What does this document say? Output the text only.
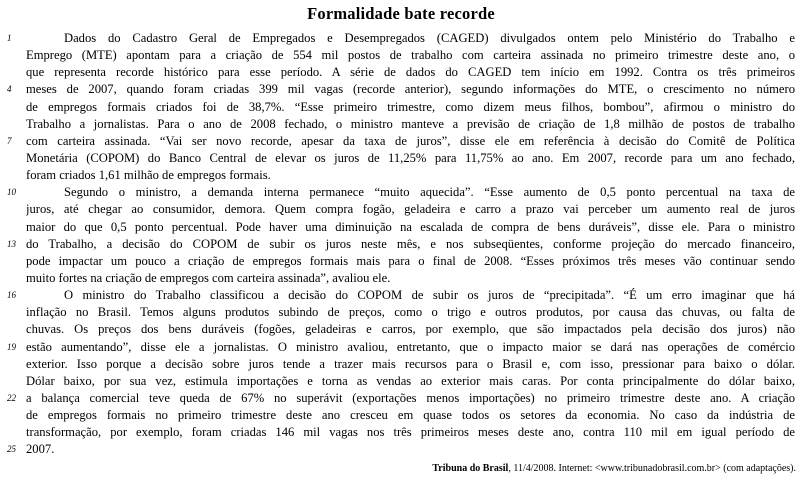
Formalidade bate recorde
1	Dados do Cadastro Geral de Empregados e Desempregados (CAGED) divulgados ontem pelo Ministério do Trabalho e
Emprego (MTE) apontam para a criação de 554 mil postos de trabalho com carteira assinada no primeiro trimestre deste ano, o
que representa recorde histórico para esse período. A série de dados do CAGED tem início em 1992. Contra os três primeiros
4	meses de 2007, quando foram criadas 399 mil vagas (recorde anterior), segundo informações do MTE, o crescimento no número
de empregos formais criados foi de 38,7%. “Esse primeiro trimestre, como dizem meus filhos, bombou”, afirmou o ministro do
Trabalho a jornalistas. Para o ano de 2008 fechado, o ministro manteve a previsão de criação de 1,8 milhão de postos de trabalho
7	com carteira assinada. “Vai ser novo recorde, apesar da taxa de juros”, disse ele em referência à decisão do Comitê de Política
Monetária (COPOM) do Banco Central de elevar os juros de 11,25% para 11,75% ao ano. Em 2007, recorde para um ano fechado,
foram criados 1,61 milhão de empregos formais.
10	Segundo o ministro, a demanda interna permanece “muito aquecida”. “Esse aumento de 0,5 ponto percentual na taxa de
juros, até chegar ao consumidor, demora. Quem compra fogão, geladeira e carro a prazo vai perceber um aumento real de juros
maior do que 0,5 ponto percentual. Pode haver uma diminuição na escalada de compra de bens duráveis”, disse ele. Para o ministro
13 do Trabalho, a decisão do COPOM de subir os juros neste mês, e nos subseqüentes, conforme projeção do mercado financeiro,
pode impactar um pouco a criação de empregos formais mais para o final de 2008. “Esses próximos três meses vão continuar sendo
muito fortes na criação de empregos com carteira assinada”, avaliou ele.
16	O ministro do Trabalho classificou a decisão do COPOM de subir os juros de “precipitada”. “É um erro imaginar que há
inflação no Brasil. Temos alguns produtos subindo de preços, como o trigo e outros produtos, por causa das chuvas, ou falta de
chuvas. Os preços dos bens duráveis (fogões, geladeiras e carros, por exemplo, que são impactados pela decisão dos juros) não
19 estão aumentando”, disse ele a jornalistas. O ministro avaliou, entretanto, que o impacto maior se dará nas operações de comércio
exterior. Isso porque a decisão sobre juros tende a trazer mais recursos para o Brasil e, com isso, pressionar para baixo o dólar.
Dólar baixo, por sua vez, estimula importações e torna as vendas ao exterior mais caras. Por conta principalmente do dólar baixo,
22 a balança comercial teve queda de 67% no superávit (exportações menos importações) no primeiro trimestre deste ano. A criação
de empregos formais no primeiro trimestre deste ano cresceu em quase todos os setores da economia. No caso da indústria de
transformação, por exemplo, foram criadas 146 mil vagas nos três primeiros meses deste ano, contra 110 mil em igual período de
25 2007.
Tribuna do Brasil, 11/4/2008. Internet: <www.tribunadobrasil.com.br> (com adaptações).
